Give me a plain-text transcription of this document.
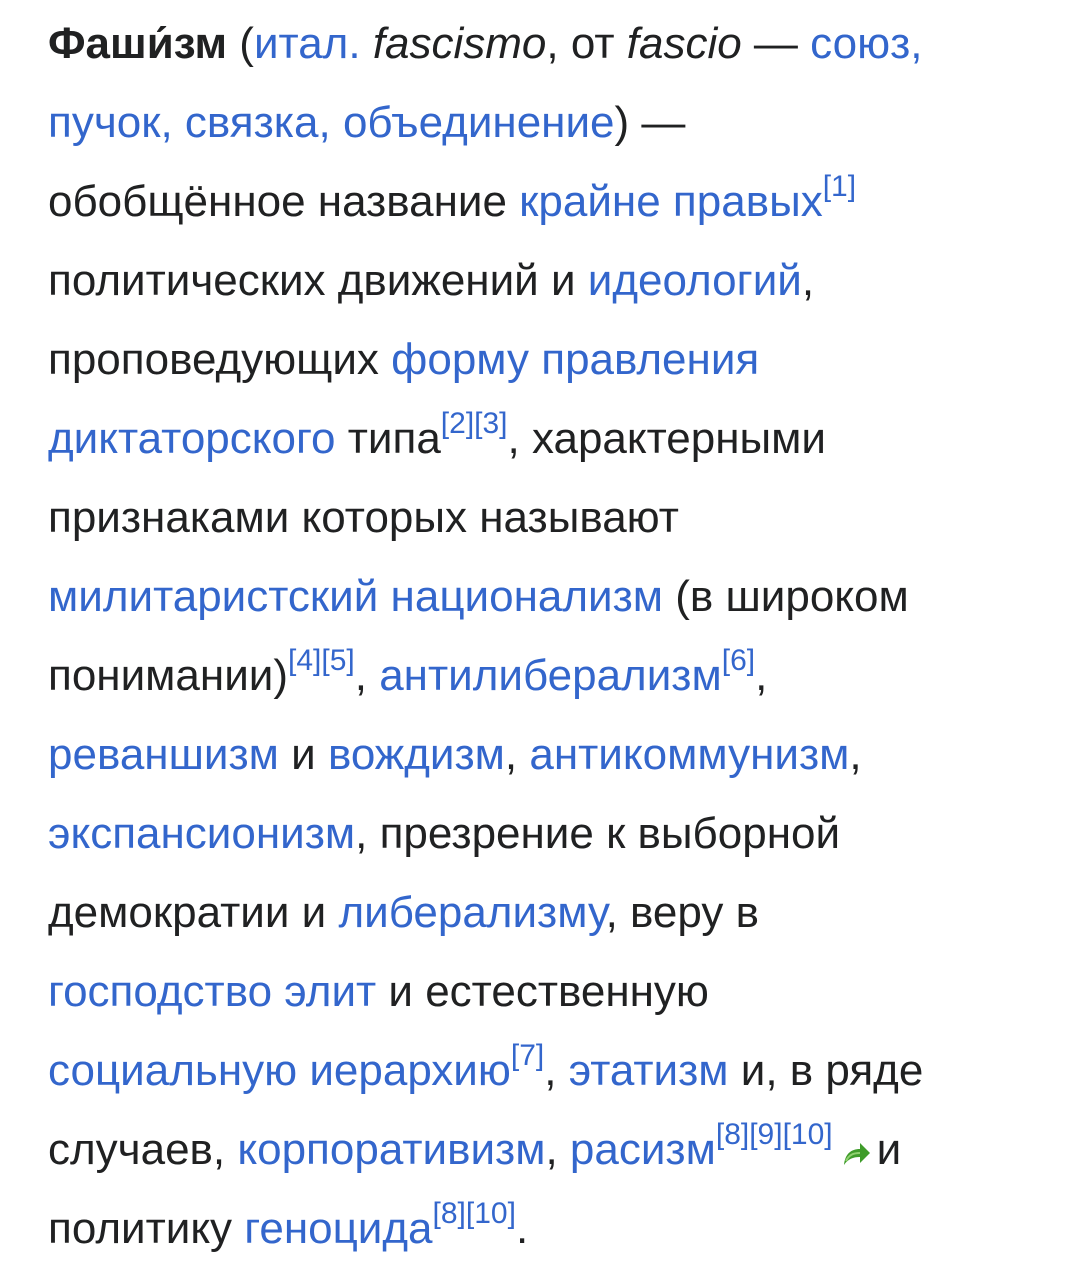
Фаши́зм (итал. fascismo, от fascio — союз,
пучок, связка, объединение) —
обобщённое название крайне правых[1]
политических движений и идеологий,
проповедующих форму правления
диктаторского типа[2][3], характерными
признаками которых называют
милитаристский национализм (в широком
понимании)[4][5], антилиберализм[6],
реваншизм и вождизм, антикоммунизм,
экспансионизм, презрение к выборной
демократии и либерализму, веру в
господство элит и естественную
социальную иерархию[7], этатизм и, в ряде
случаев, корпоративизм, расизм[8][9][10] и
политику геноцида[8][10].
